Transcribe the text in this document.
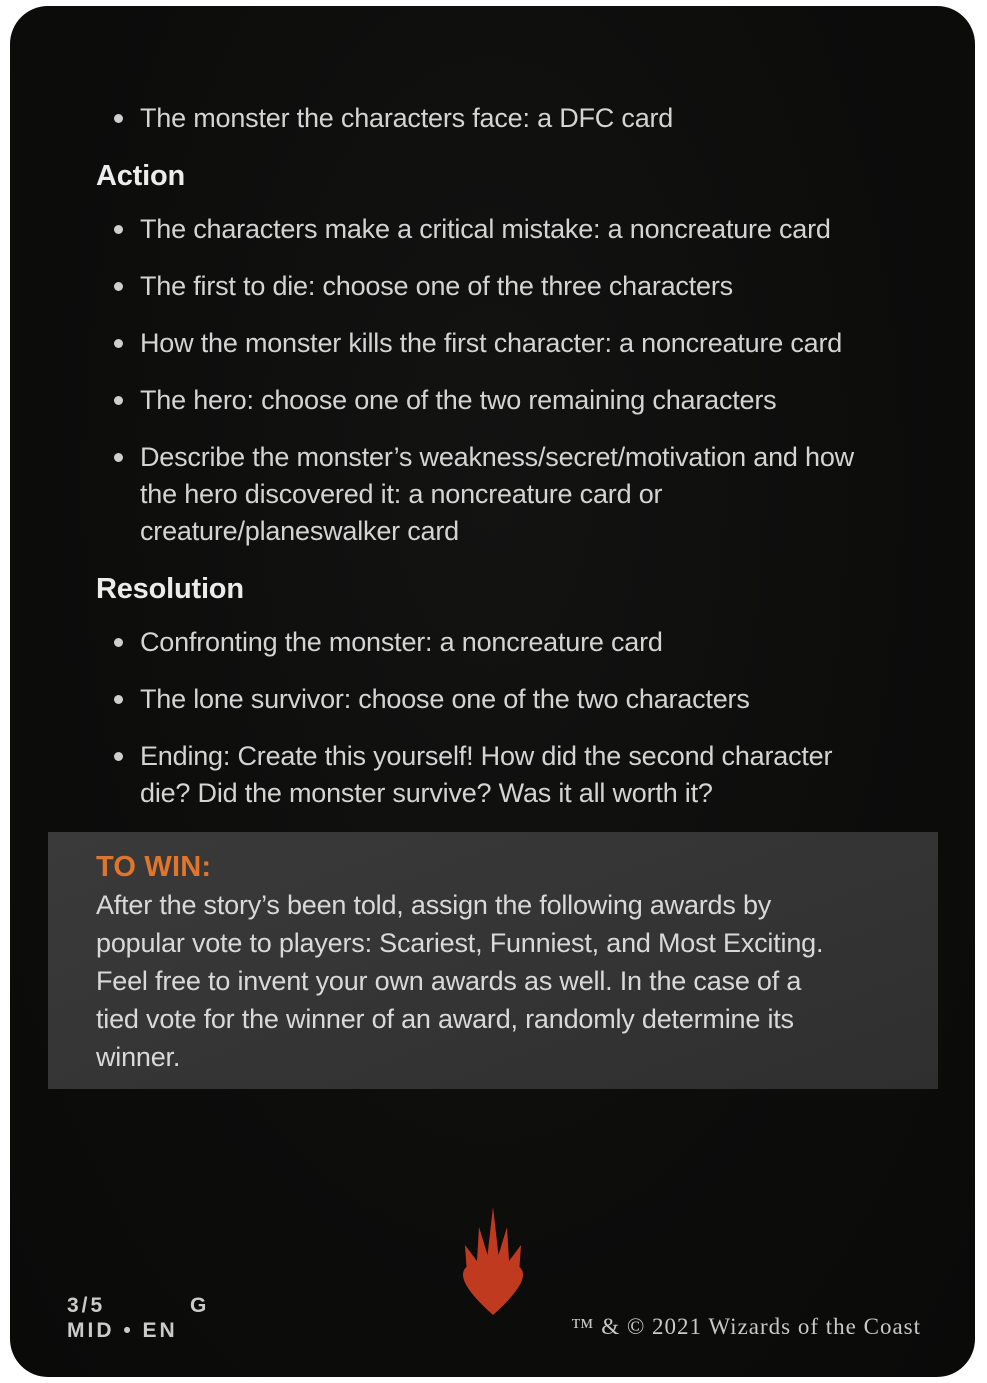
The monster the characters face: a DFC card
Action
The characters make a critical mistake: a noncreature card
The first to die: choose one of the three characters
How the monster kills the first character: a noncreature card
The hero: choose one of the two remaining characters
Describe the monster’s weakness/secret/motivation and how the hero discovered it: a noncreature card or creature/planeswalker card
Resolution
Confronting the monster: a noncreature card
The lone survivor: choose one of the two characters
Ending: Create this yourself! How did the second character die? Did the monster survive? Was it all worth it?
TO WIN:
After the story’s been told, assign the following awards by popular vote to players: Scariest, Funniest, and Most Exciting. Feel free to invent your own awards as well. In the case of a tied vote for the winner of an award, randomly determine its winner.
3/5	G
MID • EN	™ & © 2021 Wizards of the Coast
